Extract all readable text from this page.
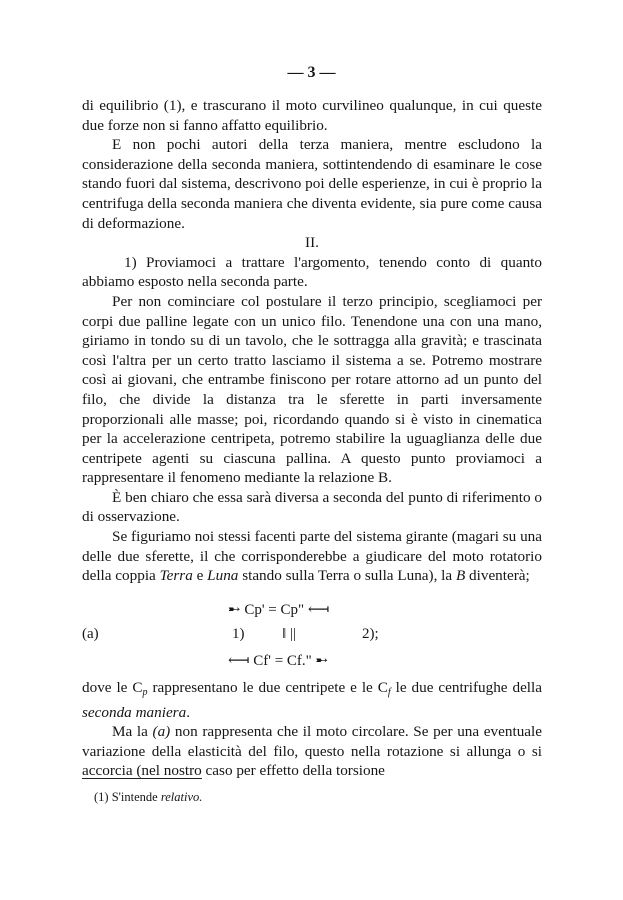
— 3 —

di equilibrio (1), e trascurano il moto curvilineo qualunque, in cui queste due forze non si fanno affatto equilibrio.

E non pochi autori della terza maniera, mentre escludono la considerazione della seconda maniera, sottintendendo di esaminare le cose stando fuori dal sistema, descrivono poi delle esperienze, in cui è proprio la centrifuga della seconda maniera che diventa evidente, sia pure come causa di deformazione.

II.

1) Proviamoci a trattare l'argomento, tenendo conto di quanto abbiamo esposto nella seconda parte.

Per non cominciare col postulare il terzo principio, scegliamoci per corpi due palline legate con un unico filo. Tenendone una con una mano, giriamo in tondo su di un tavolo, che le sottragga alla gravità; e trascinata così l'altra per un certo tratto lasciamo il sistema a se. Potremo mostrare così ai giovani, che entrambe finiscono per rotare attorno ad un punto del filo, che divide la distanza tra le sferette in parti inversamente proporzionali alle masse; poi, ricordando quando si è visto in cinematica per la accelerazione centripeta, potremo stabilire la uguaglianza delle due centripete agenti su ciascuna pallina. A questo punto proviamoci a rappresentare il fenomeno mediante la relazione B.

È ben chiaro che essa sarà diversa a seconda del punto di riferimento o di osservazione.

Se figuriamo noi stessi facenti parte del sistema girante (magari su una delle due sferette, il che corrisponderebbe a giudicare del moto rotatorio della coppia Terra e Luna stando sulla Terra o sulla Luna), la B diventerà;

(a)
➸ Cp' = Cp" ⟻
1)	‖ ||	2);
⟻ Cf' = Cf." ➸

dove le $C_p$ rappresentano le due centripete e le $C_f$ le due centrifughe della seconda maniera.

Ma la (a) non rappresenta che il moto circolare. Se per una eventuale variazione della elasticità del filo, questo nella rotazione si allunga o si accorcia (nel nostro caso per effetto della torsione

(1) S'intende relativo.
